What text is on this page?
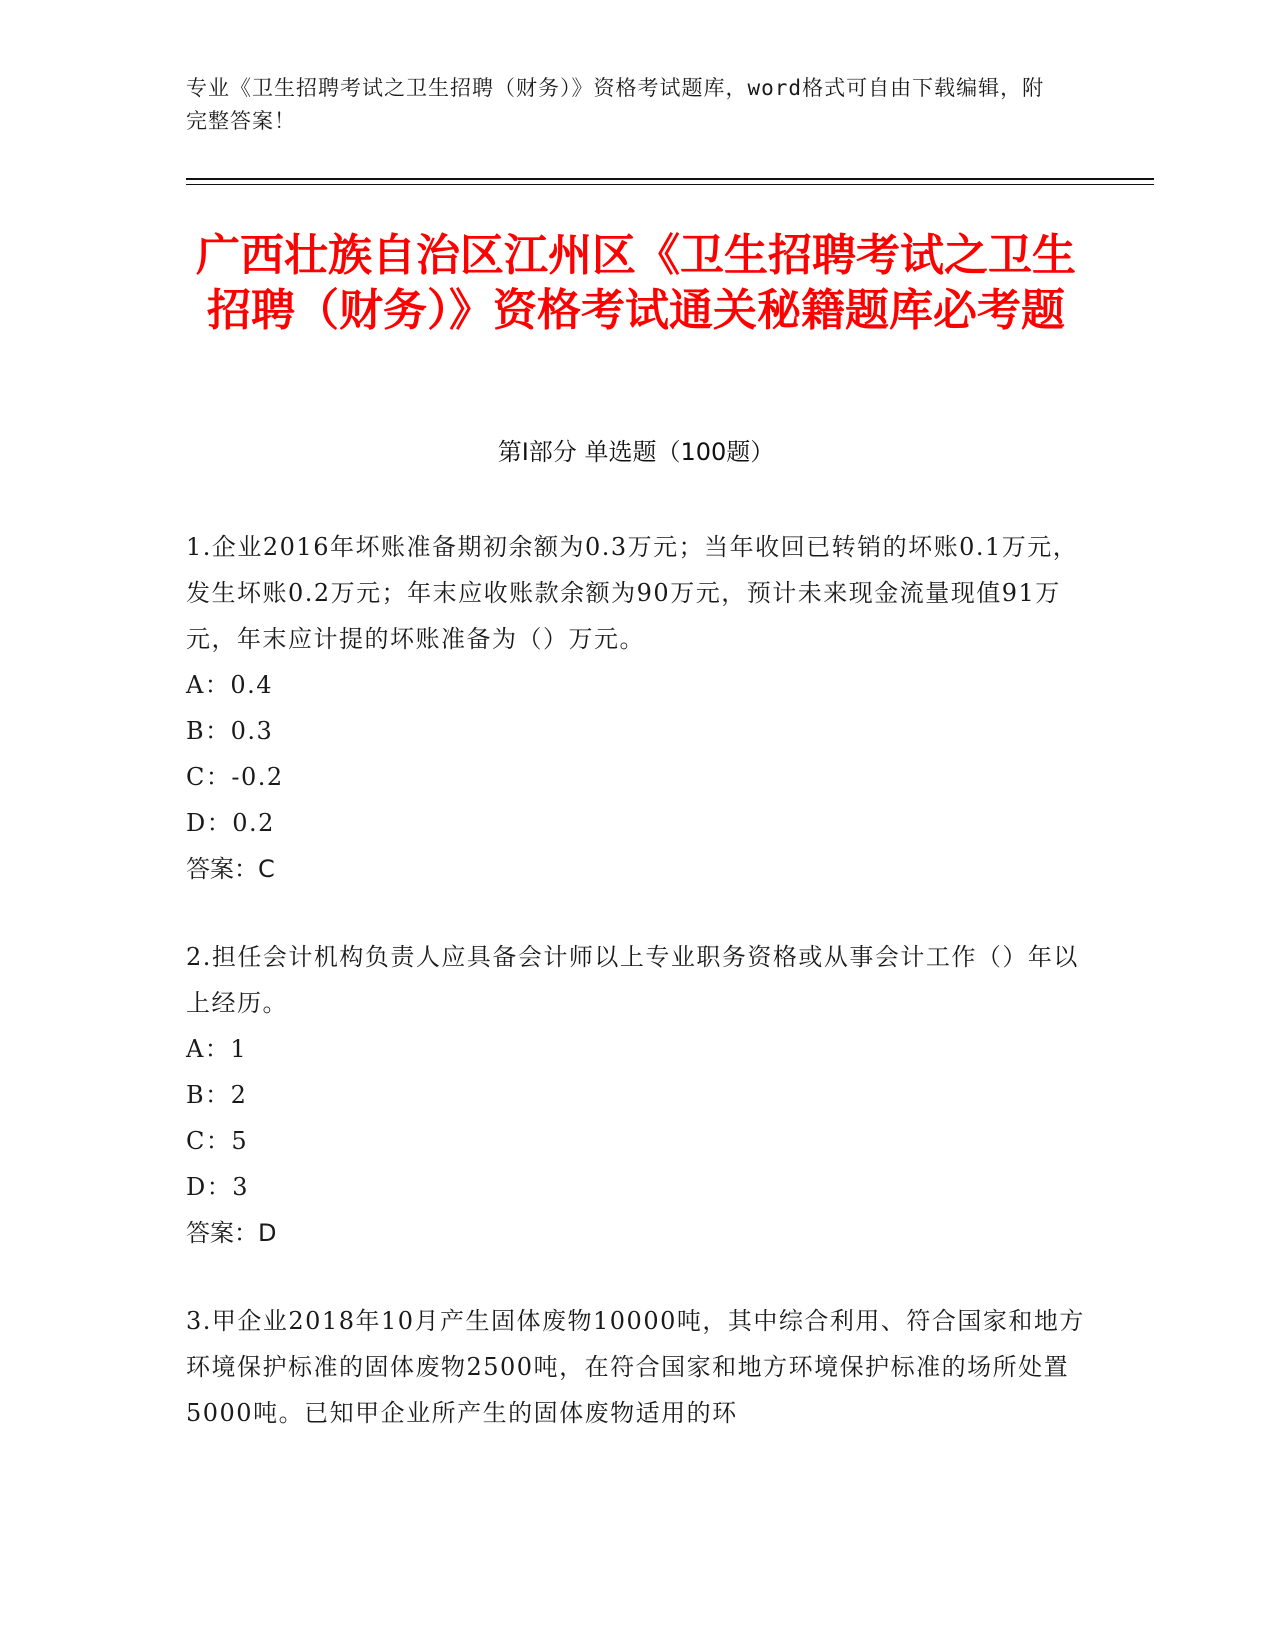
专业《卫生招聘考试之卫生招聘（财务）》资格考试题库，word格式可自由下载编辑，附完整答案！
广西壮族自治区江州区《卫生招聘考试之卫生招聘（财务）》资格考试通关秘籍题库必考题
第Ⅰ部分 单选题（100题）

1.企业2016年坏账准备期初余额为0.3万元；当年收回已转销的坏账0.1万元，发生坏账0.2万元；年末应收账款余额为90万元，预计未来现金流量现值91万元，年末应计提的坏账准备为（）万元。

A：0.4

B：0.3

C：-0.2

D：0.2

答案：C

2.担任会计机构负责人应具备会计师以上专业职务资格或从事会计工作（）年以上经历。

A：1

B：2

C：5

D：3

答案：D

3.甲企业2018年10月产生固体废物10000吨，其中综合利用、符合国家和地方环境保护标准的固体废物2500吨，在符合国家和地方环境保护标准的场所处置5000吨。已知甲企业所产生的固体废物适用的环
